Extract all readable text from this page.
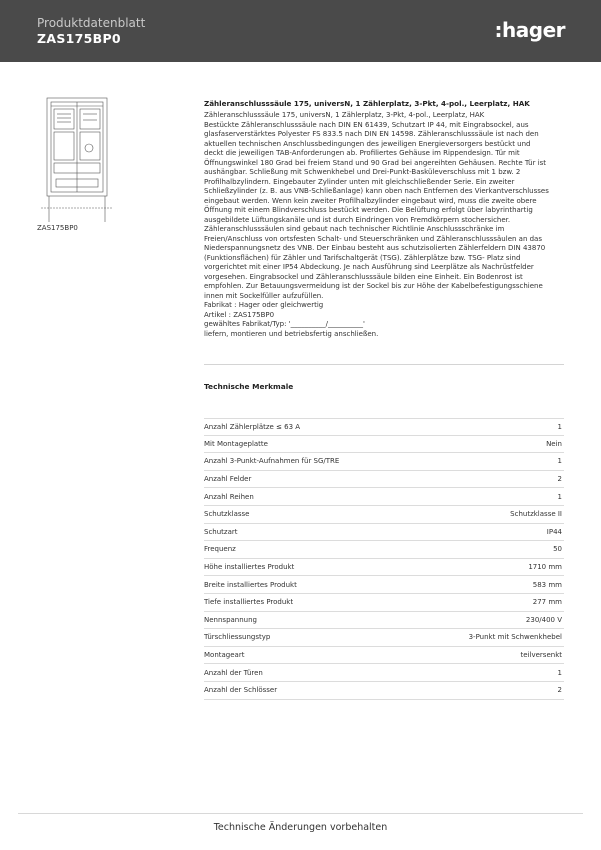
Produktdatenblatt
ZAS175BP0	:hager
ZAS175BP0
Zähleranschlusssäule 175, universN, 1 Zählerplatz, 3-Pkt, 4-pol., Leerplatz, HAK
Zähleranschlusssäule 175, universN, 1 Zählerplatz, 3-Pkt, 4-pol., Leerplatz, HAK
Bestückte Zähleranschlusssäule nach DIN EN 61439, Schutzart IP 44, mit Eingrabsockel, aus
glasfaserverstärktes Polyester FS 833.5 nach DIN EN 14598. Zähleranschlusssäule ist nach den
aktuellen technischen Anschlussbedingungen des jeweiligen Energieversorgers bestückt und
deckt die jeweiligen TAB-Anforderungen ab. Profiliertes Gehäuse im Rippendesign. Tür mit
Öffnungswinkel 180 Grad bei freiem Stand und 90 Grad bei angereihten Gehäusen. Rechte Tür ist
aushängbar. Schließung mit Schwenkhebel und Drei-Punkt-Basküleverschluss mit 1 bzw. 2
Profilhalbzylindern. Eingebauter Zylinder unten mit gleichschließender Serie. Ein zweiter
Schließzylinder (z. B. aus VNB-Schließanlage) kann oben nach Entfernen des Vierkantverschlusses
eingebaut werden. Wenn kein zweiter Profilhalbzylinder eingebaut wird, muss die zweite obere
Öffnung mit einem Blindverschluss bestückt werden. Die Belüftung erfolgt über labyrinthartig
ausgebildete Lüftungskanäle und ist durch Eindringen von Fremdkörpern stochersicher.
Zähleranschlusssäulen sind gebaut nach technischer Richtlinie Anschlussschränke im
Freien/Anschluss von ortsfesten Schalt- und Steuerschränken und Zähleranschlusssäulen an das
Niederspannungsnetz des VNB. Der Einbau besteht aus schutzisolierten Zählerfeldern DIN 43870
(Funktionsflächen) für Zähler und Tarifschaltgerät (TSG). Zählerplätze bzw. TSG- Platz sind
vorgerichtet mit einer IP54 Abdeckung. Je nach Ausführung sind Leerplätze als Nachrüstfelder
vorgesehen. Eingrabsockel und Zähleranschlusssäule bilden eine Einheit. Ein Bodenrost ist
empfohlen. Zur Betauungsvermeidung ist der Sockel bis zur Höhe der Kabelbefestigungsschiene
innen mit Sockelfüller aufzufüllen.
Fabrikat : Hager oder gleichwertig
Artikel : ZAS175BP0
gewähltes Fabrikat/Typ: '__________/__________'
liefern, montieren und betriebsfertig anschließen.
Technische Merkmale
Anzahl Zählerplätze ≤ 63 A	1
Mit Montageplatte	Nein
Anzahl 3-Punkt-Aufnahmen für SG/TRE	1
Anzahl Felder	2
Anzahl Reihen	1
Schutzklasse	Schutzklasse II
Schutzart	IP44
Frequenz	50
Höhe installiertes Produkt	1710 mm
Breite installiertes Produkt	583 mm
Tiefe installiertes Produkt	277 mm
Nennspannung	230/400 V
Türschliessungstyp	3-Punkt mit Schwenkhebel
Montageart	teilversenkt
Anzahl der Türen	1
Anzahl der Schlösser	2
Technische Änderungen vorbehalten
